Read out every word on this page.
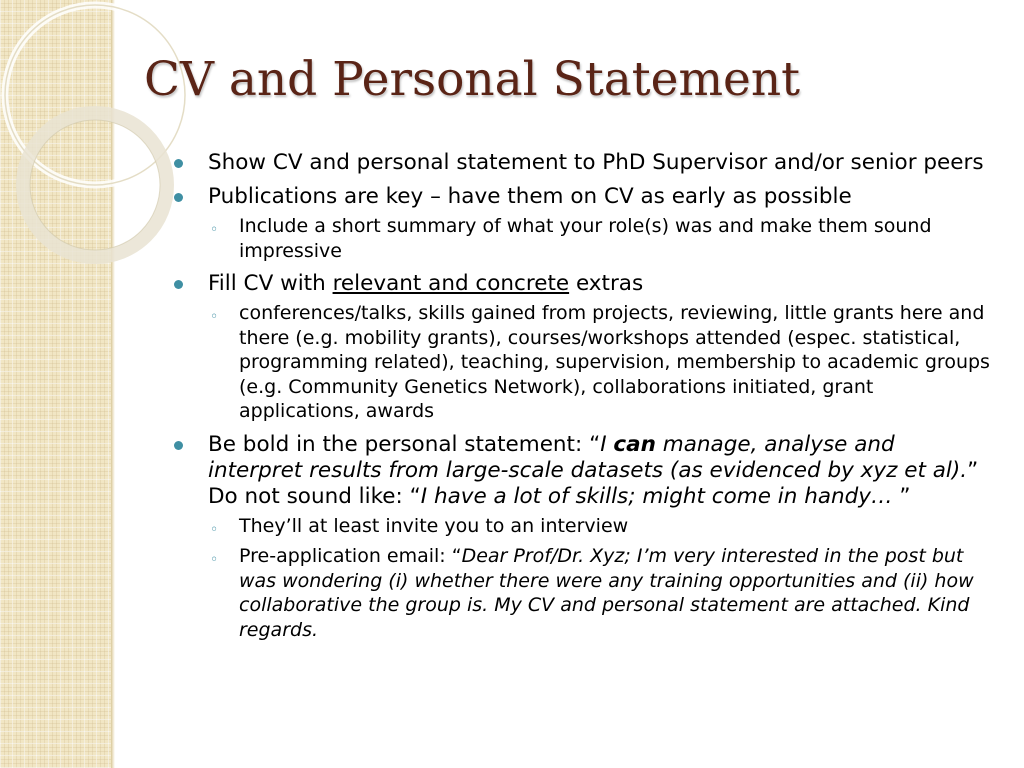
CV and Personal Statement
Show CV and personal statement to PhD Supervisor and/or senior peers
Publications are key – have them on CV as early as possible
◦ Include a short summary of what your role(s) was and make them sound impressive
Fill CV with relevant and concrete extras
◦ conferences/talks, skills gained from projects, reviewing, little grants here and there (e.g. mobility grants), courses/workshops attended (espec. statistical, programming related), teaching, supervision, membership to academic groups (e.g. Community Genetics Network), collaborations initiated, grant applications, awards
Be bold in the personal statement: “I can manage, analyse and interpret results from large-scale datasets (as evidenced by xyz et al).” Do not sound like: “I have a lot of skills; might come in handy… ”
◦ They’ll at least invite you to an interview
◦ Pre-application email: “Dear Prof/Dr. Xyz; I’m very interested in the post but was wondering (i) whether there were any training opportunities and (ii) how collaborative the group is. My CV and personal statement are attached. Kind regards.
